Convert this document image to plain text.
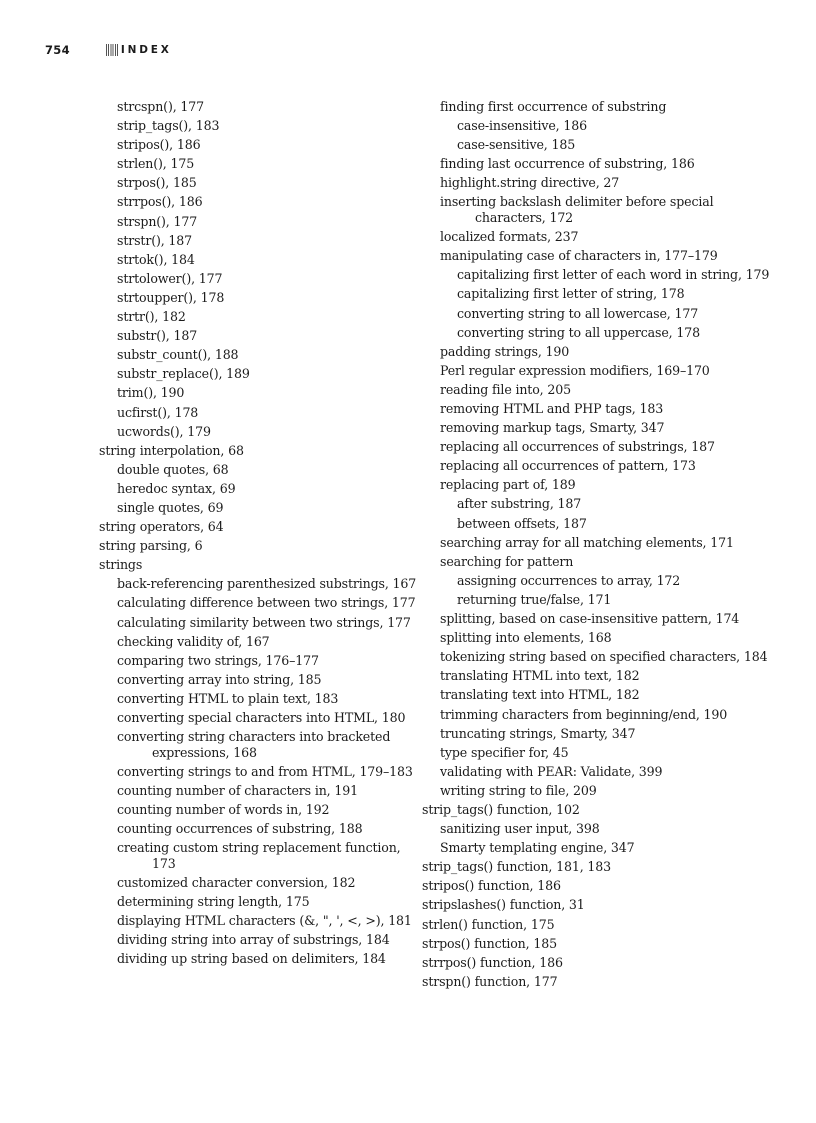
754	INDEX
strcspn(), 177
strip_tags(), 183
stripos(), 186
strlen(), 175
strpos(), 185
strrpos(), 186
strspn(), 177
strstr(), 187
strtok(), 184
strtolower(), 177
strtoupper(), 178
strtr(), 182
substr(), 187
substr_count(), 188
substr_replace(), 189
trim(), 190
ucfirst(), 178
ucwords(), 179
string interpolation, 68
double quotes, 68
heredoc syntax, 69
single quotes, 69
string operators, 64
string parsing, 6
strings
back-referencing parenthesized substrings, 167
calculating difference between two strings, 177
calculating similarity between two strings, 177
checking validity of, 167
comparing two strings, 176–177
converting array into string, 185
converting HTML to plain text, 183
converting special characters into HTML, 180
converting string characters into bracketed expressions, 168
converting strings to and from HTML, 179–183
counting number of characters in, 191
counting number of words in, 192
counting occurrences of substring, 188
creating custom string replacement function, 173
customized character conversion, 182
determining string length, 175
displaying HTML characters (&, ", ', <, >), 181
dividing string into array of substrings, 184
dividing up string based on delimiters, 184
finding first occurrence of substring
case-insensitive, 186
case-sensitive, 185
finding last occurrence of substring, 186
highlight.string directive, 27
inserting backslash delimiter before special characters, 172
localized formats, 237
manipulating case of characters in, 177–179
capitalizing first letter of each word in string, 179
capitalizing first letter of string, 178
converting string to all lowercase, 177
converting string to all uppercase, 178
padding strings, 190
Perl regular expression modifiers, 169–170
reading file into, 205
removing HTML and PHP tags, 183
removing markup tags, Smarty, 347
replacing all occurrences of substrings, 187
replacing all occurrences of pattern, 173
replacing part of, 189
after substring, 187
between offsets, 187
searching array for all matching elements, 171
searching for pattern
assigning occurrences to array, 172
returning true/false, 171
splitting, based on case-insensitive pattern, 174
splitting into elements, 168
tokenizing string based on specified characters, 184
translating HTML into text, 182
translating text into HTML, 182
trimming characters from beginning/end, 190
truncating strings, Smarty, 347
type specifier for, 45
validating with PEAR: Validate, 399
writing string to file, 209
strip_tags() function, 102
sanitizing user input, 398
Smarty templating engine, 347
strip_tags() function, 181, 183
stripos() function, 186
stripslashes() function, 31
strlen() function, 175
strpos() function, 185
strrpos() function, 186
strspn() function, 177
